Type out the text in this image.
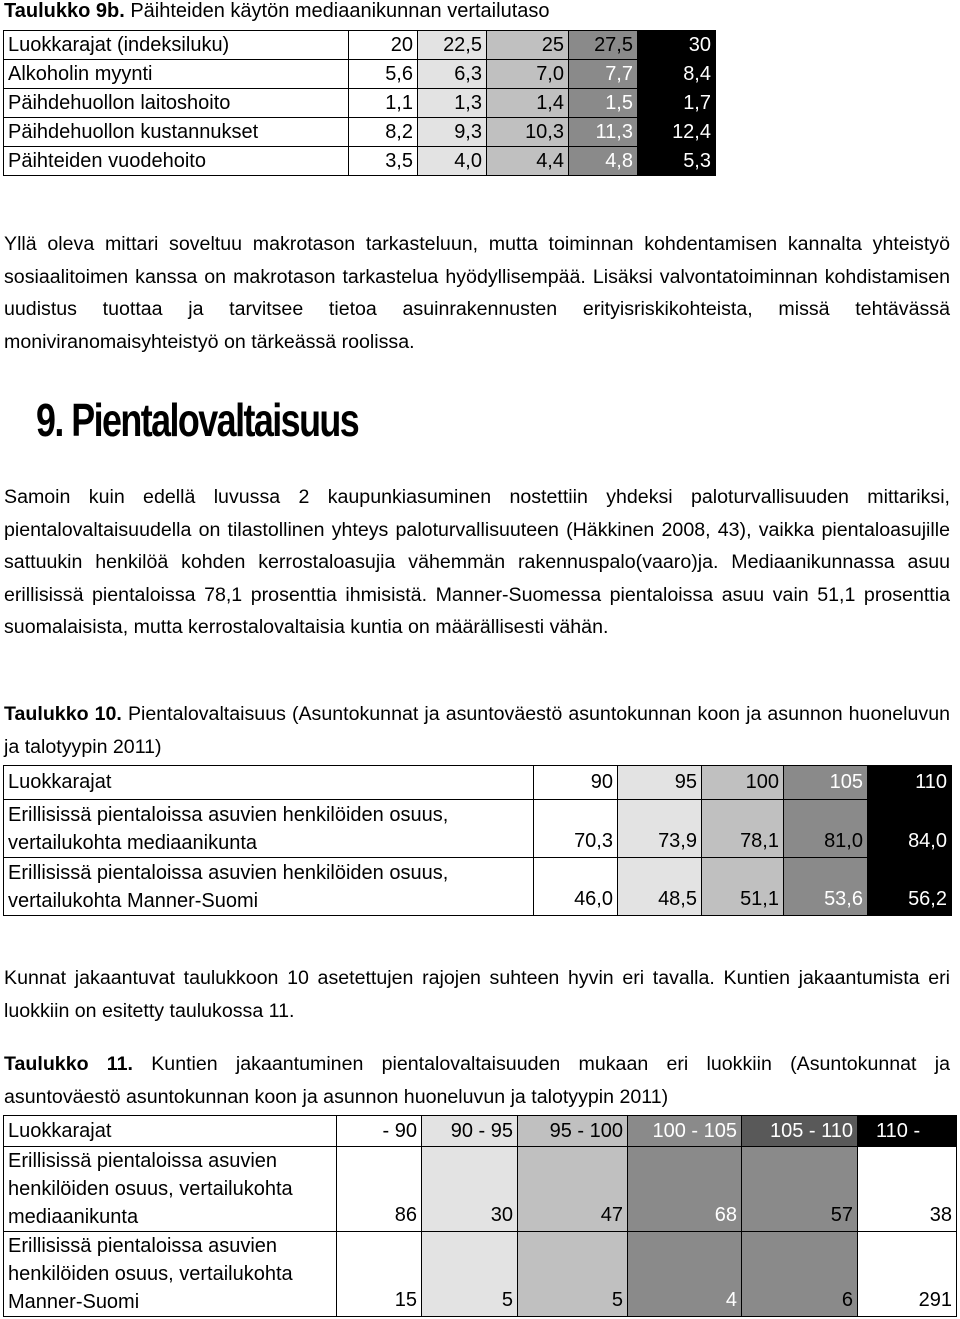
Taulukko 9b. Päihteiden käytön mediaanikunnan vertailutaso
Luokkarajat (indeksiluku)	20	22,5	25	27,5	30
Alkoholin myynti	5,6	6,3	7,0	7,7	8,4
Päihdehuollon laitoshoito	1,1	1,3	1,4	1,5	1,7
Päihdehuollon kustannukset	8,2	9,3	10,3	11,3	12,4
Päihteiden vuodehoito	3,5	4,0	4,4	4,8	5,3

Yllä oleva mittari soveltuu makrotason tarkasteluun, mutta toiminnan kohdentamisen kannalta yhteistyö sosiaalitoimen kanssa on makrotason tarkastelua hyödyllisempää. Lisäksi valvontatoiminnan kohdistamisen uudistus tuottaa ja tarvitsee tietoa asuinrakennusten erityisriskikohteista, missä tehtävässä moniviranomaisyhteistyö on tärkeässä roolissa.

9. Pientalovaltaisuus

Samoin kuin edellä luvussa 2 kaupunkiasuminen nostettiin yhdeksi paloturvallisuuden mittariksi, pientalovaltaisuudella on tilastollinen yhteys paloturvallisuuteen (Häkkinen 2008, 43), vaikka pientaloasujille sattuukin henkilöä kohden kerrostaloasujia vähemmän rakennuspalo(vaaro)ja. Mediaanikunnassa asuu erillisissä pientaloissa 78,1 prosenttia ihmisistä. Manner-Suomessa pientaloissa asuu vain 51,1 prosenttia suomalaisista, mutta kerrostalovaltaisia kuntia on määrällisesti vähän.

Taulukko 10. Pientalovaltaisuus (Asuntokunnat ja asuntoväestö asuntokunnan koon ja asunnon huoneluvun ja talotyypin 2011)

Luokkarajat	90	95	100	105	110
Erillisissä pientaloissa asuvien henkilöiden osuus, vertailukohta mediaanikunta	70,3	73,9	78,1	81,0	84,0
Erillisissä pientaloissa asuvien henkilöiden osuus, vertailukohta Manner-Suomi	46,0	48,5	51,1	53,6	56,2

Kunnat jakaantuvat taulukkoon 10 asetettujen rajojen suhteen hyvin eri tavalla. Kuntien jakaantumista eri luokkiin on esitetty taulukossa 11.

Taulukko 11. Kuntien jakaantuminen pientalovaltaisuuden mukaan eri luokkiin (Asuntokunnat ja asuntoväestö asuntokunnan koon ja asunnon huoneluvun ja talotyypin 2011)

Luokkarajat	- 90	90 - 95	95 - 100	100 - 105	105 - 110	110 -
Erillisissä pientaloissa asuvien henkilöiden osuus, vertailukohta mediaanikunta	86	30	47	68	57	38
Erillisissä pientaloissa asuvien henkilöiden osuus, vertailukohta Manner-Suomi	15	5	5	4	6	291
